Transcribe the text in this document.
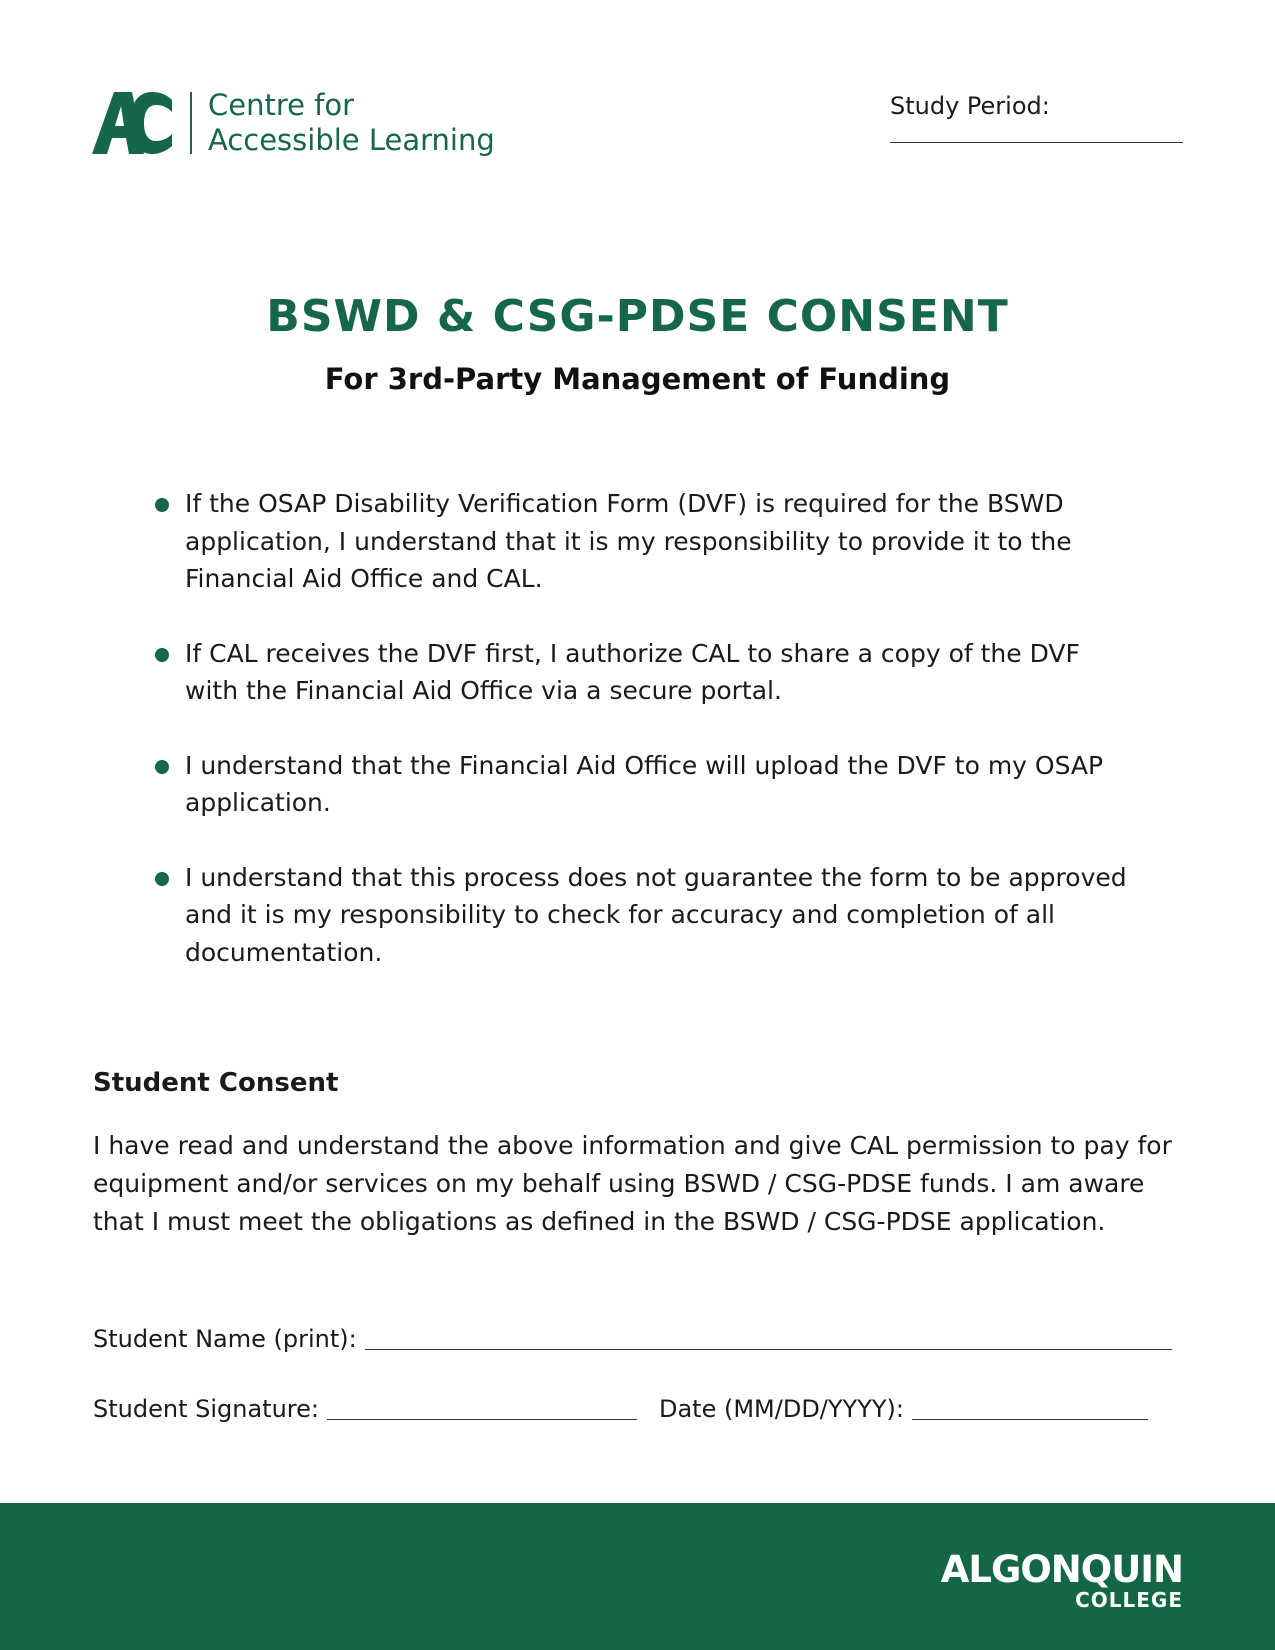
Centre for
Accessible Learning
Study Period:
BSWD & CSG-PDSE CONSENT
For 3rd-Party Management of Funding
If the OSAP Disability Verification Form (DVF) is required for the BSWD application, I understand that it is my responsibility to provide it to the Financial Aid Office and CAL.
If CAL receives the DVF first, I authorize CAL to share a copy of the DVF with the Financial Aid Office via a secure portal.
I understand that the Financial Aid Office will upload the DVF to my OSAP application.
I understand that this process does not guarantee the form to be approved and it is my responsibility to check for accuracy and completion of all documentation.
Student Consent
I have read and understand the above information and give CAL permission to pay for equipment and/or services on my behalf using BSWD / CSG-PDSE funds. I am aware that I must meet the obligations as defined in the BSWD / CSG-PDSE application.
Student Name (print):
Student Signature:	Date (MM/DD/YYYY):
ALGONQUIN
COLLEGE
